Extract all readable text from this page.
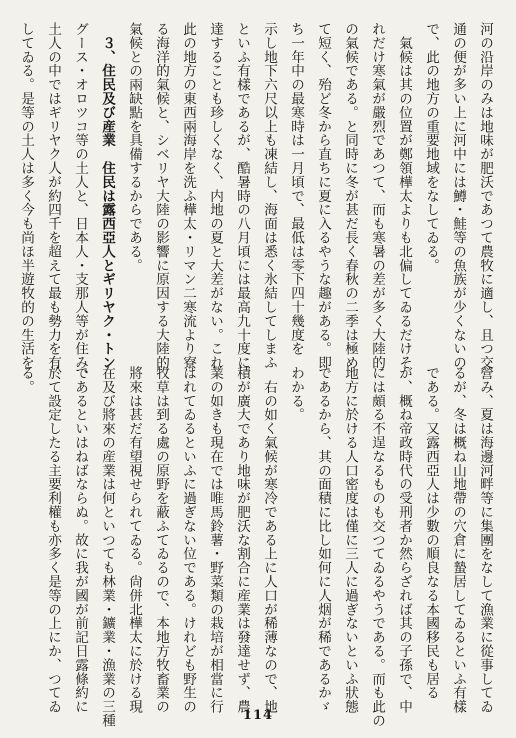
河の沿岸のみは地味が肥沃であつて農牧に適し、且つ交
通の便が多い上に河中には鱒・鮭等の魚族が少くないの
で、此の地方の重要地域をなしてゐる。
　氣候は其の位置が鄭領樺太よりも北偏してゐるだけそ
れだけ寒氣が嚴烈であつて、而も寒暑の差が多く大陸的
の氣候である。と同時に冬が甚だ長く春秋の二季は極め
て短く、殆ど冬から直ちに夏に入るやうな趣がある。即
ち一年中の最寒時は一月頃で、最低は零下四十幾度を
示し地下六尺以上も凍結し、海面は悉く氷結してしまふ
といふ有樣であるが、酷暑時の八月頃には最高九十度に
達することも珍しくなく、内地の夏と大差がない。これ
此の地方の東西兩海岸を洗ふ樺太・リマン二寒流より寮
る海洋的氣候と、シベリヤ大陸の影響に原因する大陸的
氣候との兩缺點を具備するからである。
　３、住民及び産業　住民は露西亞人とギリヤク・トン
グース・オロツコ等の土人と、日本人・支那人等が住み、
土人の中ではギリヤク人が約四千を超えて最も勢力を有
してゐる。是等の土人は多く今も尚ほ半遊牧的の生活を
營み、夏は海邊河畔等に集團をなして漁業に從事してゐ
るが、冬は概ね山地帶の穴倉に蟄居してゐるといふ有樣
である。又露西亞人は少數の順良なる本國移民も居る
が、概ね帝政時代の受刑者か然らざれば其の子孫で、中
には頗る不逞なるものも交つてゐるやうである。而も此の
地方に於ける人口密度は僅に三人に過ぎないといふ狀態
であるから、其の面積に比し如何に人烟が稀であるかゞ
わかる。
　右の如く氣候が寒冷である上に人口が稀薄なので、地
積が廣大であり地味が肥沃な割合に産業は發達せず、農
業の如きも現在では唯馬鈴薯・野菜類の栽培が相當に行
はれてゐるといふに過ぎない位である。けれども野生の
牧草は到る處の原野を蔽ふてゐるので、本地方牧畜業の
將來は甚だ有望視せられてゐる。尙併北樺太に於ける現
在及び將來の産業は何といつても林業・鑛業・漁業の三種
であるといはねばならぬ。故に我が國が前記日露條約に
於て設定したる主要利權も亦多く是等の上にか、つてゐ
る。
114
